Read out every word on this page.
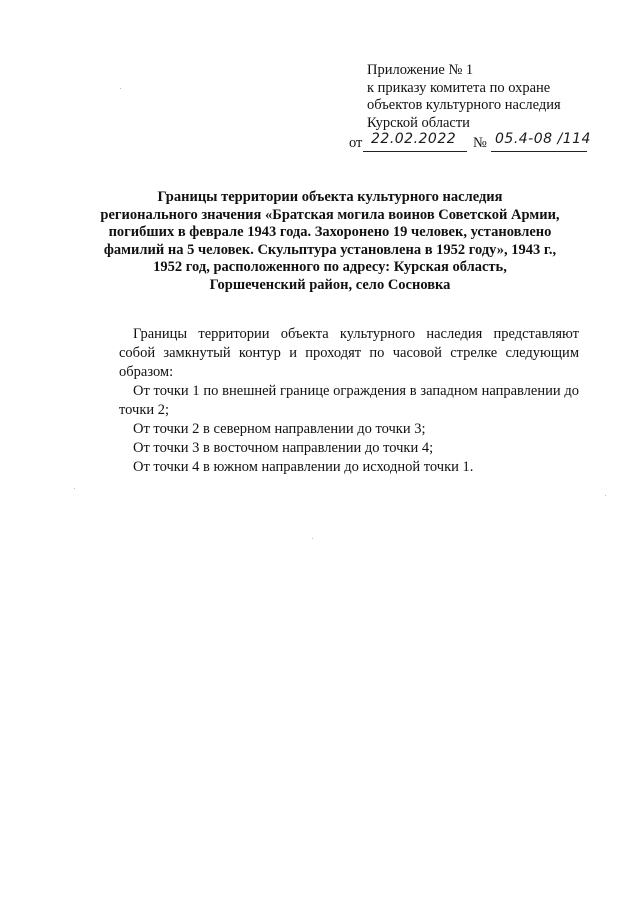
Приложение № 1
к приказу комитета по охране
объектов культурного наследия
Курской области
от 22.02.2022 № 05.4-08 /114
Границы территории объекта культурного наследия
регионального значения «Братская могила воинов Советской Армии,
погибших в феврале 1943 года. Захоронено 19 человек, установлено
фамилий на 5 человек. Скульптура установлена в 1952 году», 1943 г.,
1952 год, расположенного по адресу: Курская область,
Горшеченский район, село Сосновка

Границы территории объекта культурного наследия представляют собой замкнутый контур и проходят по часовой стрелке следующим образом:

От точки 1 по внешней границе ограждения в западном направлении до точки 2;

От точки 2 в северном направлении до точки 3;

От точки 3 в восточном направлении до точки 4;

От точки 4 в южном направлении до исходной точки 1.
